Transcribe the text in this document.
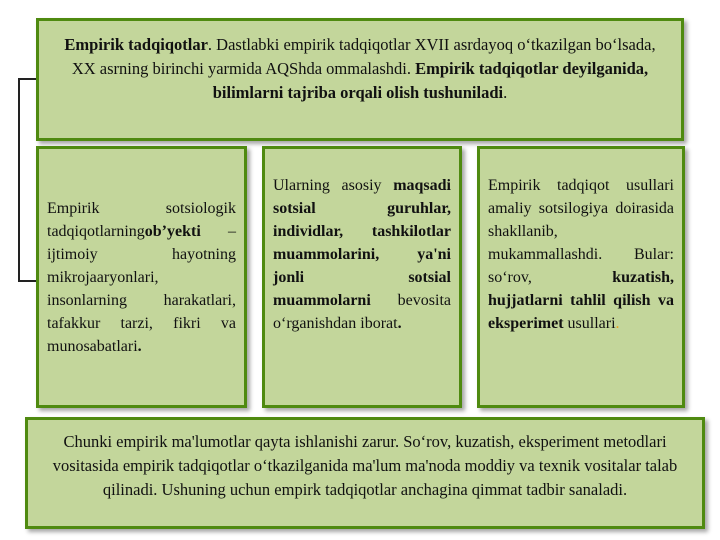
Empirik tadqiqotlar. Dastlabki empirik tadqiqotlar XVII asrdayoq o‘tkazilgan bo‘lsada, XX asrning birinchi yarmida AQShda ommalashdi. Empirik tadqiqotlar deyilganida, bilimlarni tajriba orqali olish tushuniladi.
Empirik sotsiologik tadqiqotlarningob’yekti – ijtimoiy hayotning mikrojaaryonlari, insonlarning harakatlari, tafakkur tarzi, fikri va munosabatlari.
Ularning asosiy maqsadi sotsial guruhlar, individlar, tashkilotlar muammolarini, ya'ni jonli sotsial muammolarni bevosita o‘rganishdan iborat.
Empirik tadqiqot usullari amaliy sotsilogiya doirasida shakllanib, mukammallashdi. Bular: so‘rov, kuzatish, hujjatlarni tahlil qilish va eksperimet usullari.
Chunki empirik ma'lumotlar qayta ishlanishi zarur. So‘rov, kuzatish, eksperiment metodlari vositasida empirik tadqiqotlar o‘tkazilganida ma'lum ma'noda moddiy va texnik vositalar talab qilinadi. Ushuning uchun empirk tadqiqotlar anchagina qimmat tadbir sanaladi.
